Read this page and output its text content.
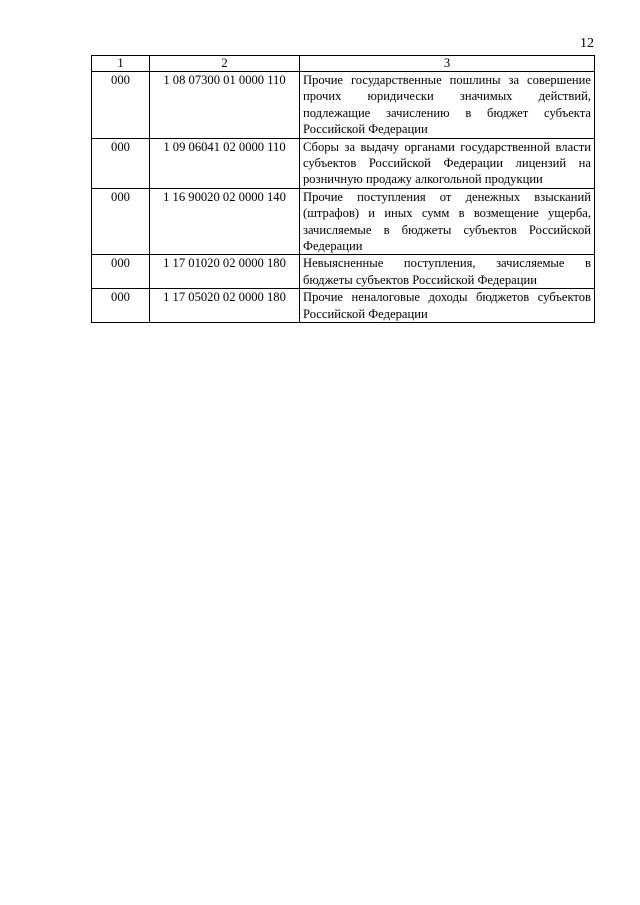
12
1	2	3
000	1 08 07300 01 0000 110	Прочие государственные пошлины за совершение прочих юридически значимых действий, подлежащие зачислению в бюджет субъекта Российской Федерации
000	1 09 06041 02 0000 110	Сборы за выдачу органами государственной власти субъектов Российской Федерации лицензий на розничную продажу алкогольной продукции
000	1 16 90020 02 0000 140	Прочие поступления от денежных взысканий (штрафов) и иных сумм в возмещение ущерба, зачисляемые в бюджеты субъектов Российской Федерации
000	1 17 01020 02 0000 180	Невыясненные поступления, зачисляемые в бюджеты субъектов Российской Федерации
000	1 17 05020 02 0000 180	Прочие неналоговые доходы бюджетов субъектов Российской Федерации
